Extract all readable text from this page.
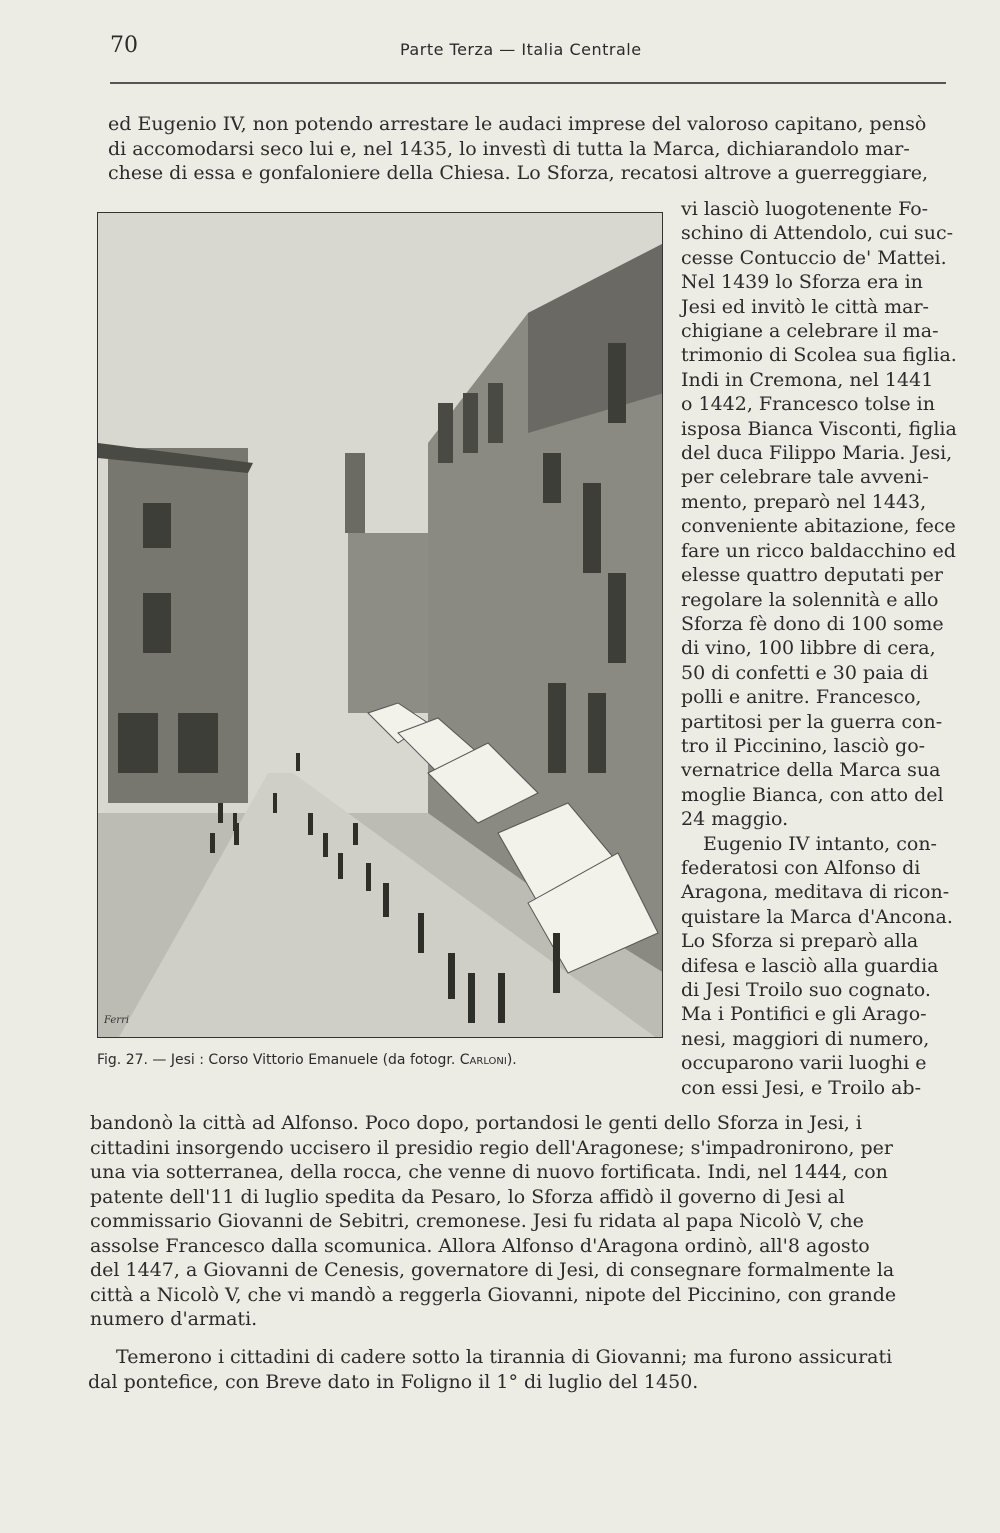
70	Parte Terza — Italia Centrale
ed Eugenio IV, non potendo arrestare le audaci imprese del valoroso capitano, pensò
di accomodarsi seco lui e, nel 1435, lo investì di tutta la Marca, dichiarandolo mar-
chese di essa e gonfaloniere della Chiesa. Lo Sforza, recatosi altrove a guerreggiare,
vi lasciò luogotenente Fo-
schino di Attendolo, cui suc-
cesse Contuccio de' Mattei.
Nel 1439 lo Sforza era in
Jesi ed invitò le città mar-
chigiane a celebrare il ma-
trimonio di Scolea sua figlia.
Indi in Cremona, nel 1441
o 1442, Francesco tolse in
isposa Bianca Visconti, figlia
del duca Filippo Maria. Jesi,
per celebrare tale avveni-
mento, preparò nel 1443,
conveniente abitazione, fece
fare un ricco baldacchino ed
elesse quattro deputati per
regolare la solennità e allo
Sforza fè dono di 100 some
di vino, 100 libbre di cera,
50 di confetti e 30 paia di
polli e anitre. Francesco,
partitosi per la guerra con-
tro il Piccinino, lasciò go-
vernatrice della Marca sua
moglie Bianca, con atto del
24 maggio.
Eugenio IV intanto, con-
federatosi con Alfonso di
Aragona, meditava di ricon-
quistare la Marca d'Ancona.
Lo Sforza si preparò alla
difesa e lasciò alla guardia
di Jesi Troilo suo cognato.
Ma i Pontifici e gli Arago-
nesi, maggiori di numero,
occuparono varii luoghi e
con essi Jesi, e Troilo ab-
Ferri
Fig. 27. — Jesi : Corso Vittorio Emanuele (da fotogr. Carloni).
bandonò la città ad Alfonso. Poco dopo, portandosi le genti dello Sforza in Jesi, i
cittadini insorgendo uccisero il presidio regio dell'Aragonese; s'impadronirono, per
una via sotterranea, della rocca, che venne di nuovo fortificata. Indi, nel 1444, con
patente dell'11 di luglio spedita da Pesaro, lo Sforza affidò il governo di Jesi al
commissario Giovanni de Sebitri, cremonese. Jesi fu ridata al papa Nicolò V, che
assolse Francesco dalla scomunica. Allora Alfonso d'Aragona ordinò, all'8 agosto
del 1447, a Giovanni de Cenesis, governatore di Jesi, di consegnare formalmente la
città a Nicolò V, che vi mandò a reggerla Giovanni, nipote del Piccinino, con grande
numero d'armati.
Temerono i cittadini di cadere sotto la tirannia di Giovanni; ma furono assicurati
dal pontefice, con Breve dato in Foligno il 1° di luglio del 1450.
